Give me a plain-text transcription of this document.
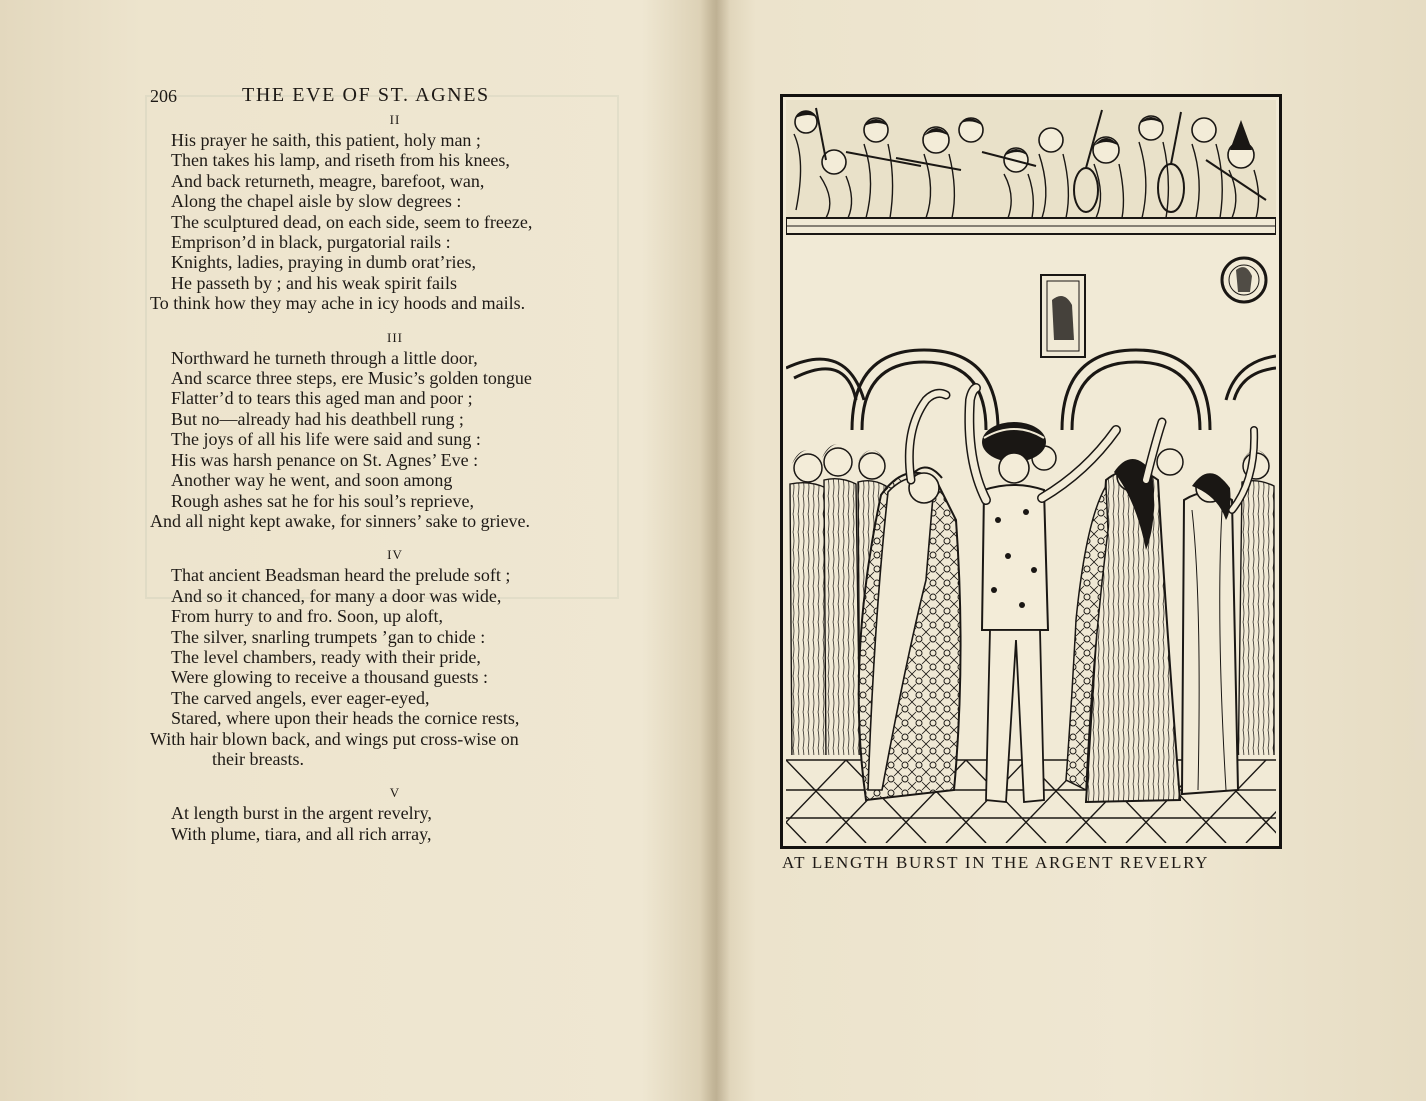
206	THE EVE OF ST. AGNES
II
His prayer he saith, this patient, holy man ;
Then takes his lamp, and riseth from his knees,
And back returneth, meagre, barefoot, wan,
Along the chapel aisle by slow degrees :
The sculptured dead, on each side, seem to freeze,
Emprison’d in black, purgatorial rails :
Knights, ladies, praying in dumb orat’ries,
He passeth by ; and his weak spirit fails
To think how they may ache in icy hoods and mails.
III
Northward he turneth through a little door,
And scarce three steps, ere Music’s golden tongue
Flatter’d to tears this aged man and poor ;
But no—already had his deathbell rung ;
The joys of all his life were said and sung :
His was harsh penance on St. Agnes’ Eve :
Another way he went, and soon among
Rough ashes sat he for his soul’s reprieve,
And all night kept awake, for sinners’ sake to grieve.
IV
That ancient Beadsman heard the prelude soft ;
And so it chanced, for many a door was wide,
From hurry to and fro. Soon, up aloft,
The silver, snarling trumpets ’gan to chide :
The level chambers, ready with their pride,
Were glowing to receive a thousand guests :
The carved angels, ever eager-eyed,
Stared, where upon their heads the cornice rests,
With hair blown back, and wings put cross-wise on
their breasts.
V
At length burst in the argent revelry,
With plume, tiara, and all rich array,
AT LENGTH BURST IN THE ARGENT REVELRY
